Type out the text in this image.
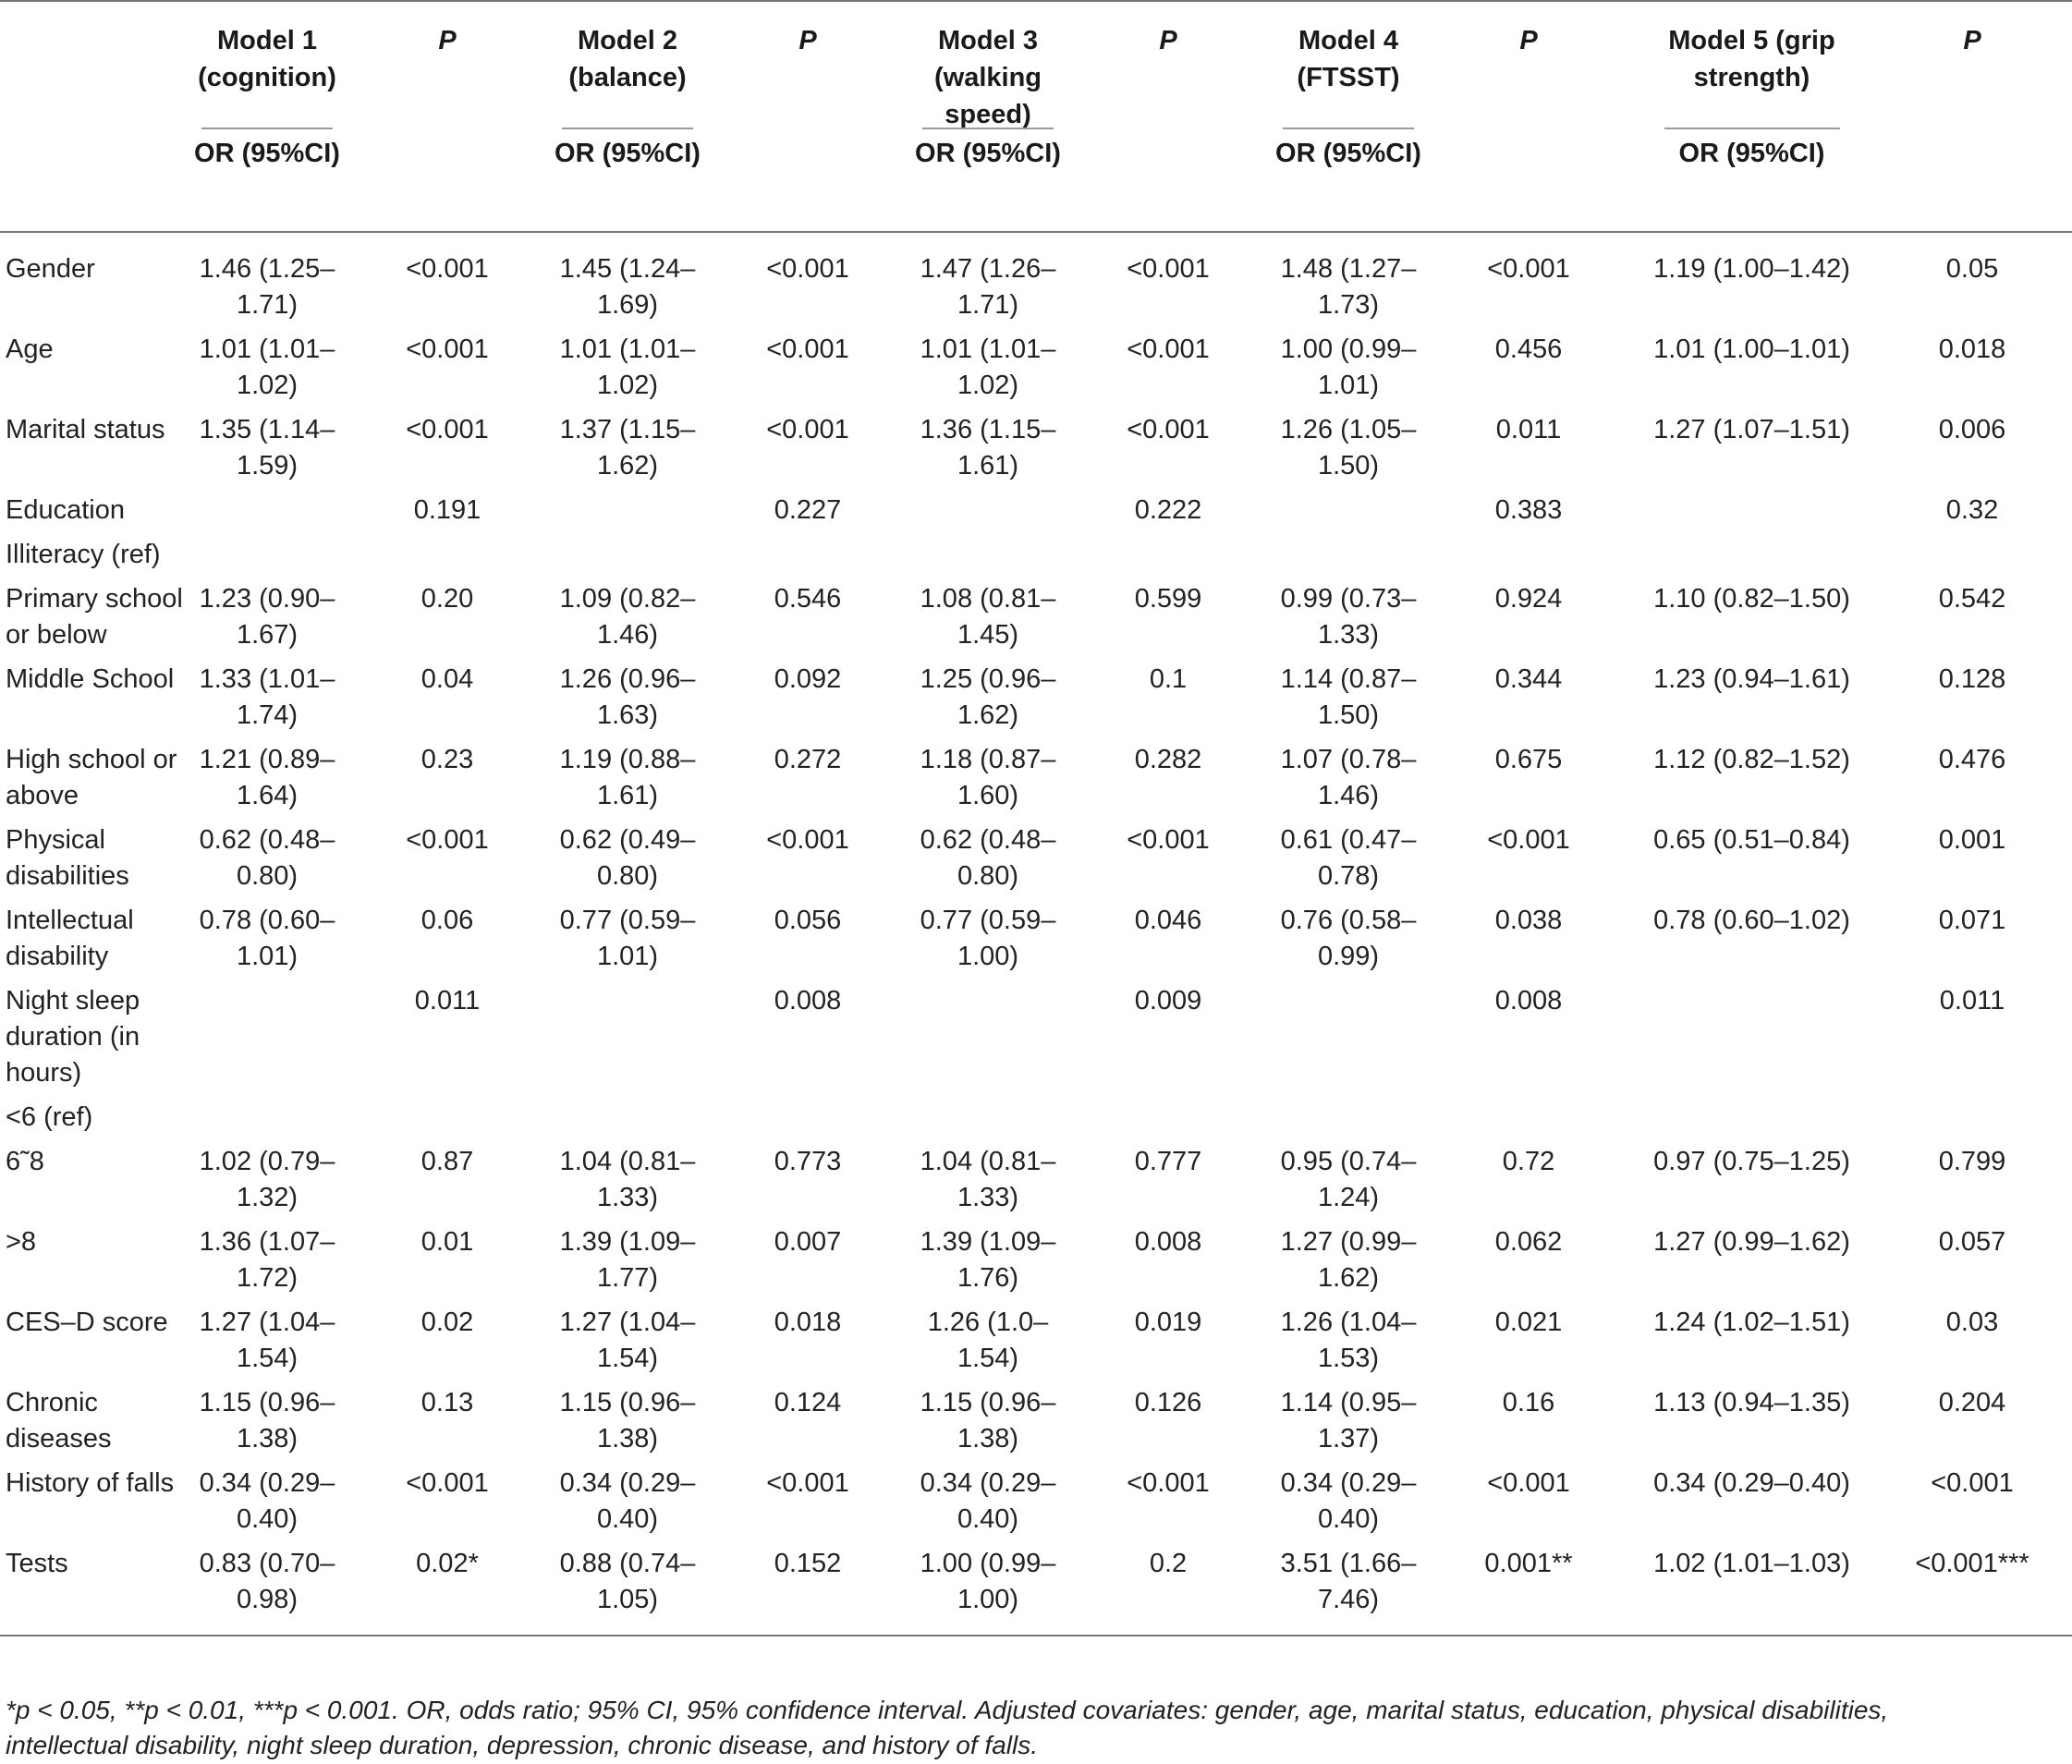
	Model 1 (cognition)	P	Model 2 (balance)	P	Model 3 (walking speed)	P	Model 4 (FTSST)	P	Model 5 (grip strength)	P

OR (95%CI)		OR (95%CI)		OR (95%CI)		OR (95%CI)		OR (95%CI)	
Gender	1.46 (1.25–1.71)	<0.001	1.45 (1.24–1.69)	<0.001	1.47 (1.26–1.71)	<0.001	1.48 (1.27–1.73)	<0.001	1.19 (1.00–1.42)	0.05
Age	1.01 (1.01–1.02)	<0.001	1.01 (1.01–1.02)	<0.001	1.01 (1.01–1.02)	<0.001	1.00 (0.99–1.01)	0.456	1.01 (1.00–1.01)	0.018
Marital status	1.35 (1.14–1.59)	<0.001	1.37 (1.15–1.62)	<0.001	1.36 (1.15–1.61)	<0.001	1.26 (1.05–1.50)	0.011	1.27 (1.07–1.51)	0.006
Education		0.191		0.227		0.222		0.383		0.32
Illiteracy (ref)										
Primary school or below	1.23 (0.90–1.67)	0.20	1.09 (0.82–1.46)	0.546	1.08 (0.81–1.45)	0.599	0.99 (0.73–1.33)	0.924	1.10 (0.82–1.50)	0.542
Middle School	1.33 (1.01–1.74)	0.04	1.26 (0.96–1.63)	0.092	1.25 (0.96–1.62)	0.1	1.14 (0.87–1.50)	0.344	1.23 (0.94–1.61)	0.128
High school or above	1.21 (0.89–1.64)	0.23	1.19 (0.88–1.61)	0.272	1.18 (0.87–1.60)	0.282	1.07 (0.78–1.46)	0.675	1.12 (0.82–1.52)	0.476
Physical disabilities	0.62 (0.48–0.80)	<0.001	0.62 (0.49–0.80)	<0.001	0.62 (0.48–0.80)	<0.001	0.61 (0.47–0.78)	<0.001	0.65 (0.51–0.84)	0.001
Intellectual disability	0.78 (0.60–1.01)	0.06	0.77 (0.59–1.01)	0.056	0.77 (0.59–1.00)	0.046	0.76 (0.58–0.99)	0.038	0.78 (0.60–1.02)	0.071
Night sleep duration (in hours)		0.011		0.008		0.009		0.008		0.011
<6 (ref)										
6˜8	1.02 (0.79–1.32)	0.87	1.04 (0.81–1.33)	0.773	1.04 (0.81–1.33)	0.777	0.95 (0.74–1.24)	0.72	0.97 (0.75–1.25)	0.799
>8	1.36 (1.07–1.72)	0.01	1.39 (1.09–1.77)	0.007	1.39 (1.09–1.76)	0.008	1.27 (0.99–1.62)	0.062	1.27 (0.99–1.62)	0.057
CES–D score	1.27 (1.04–1.54)	0.02	1.27 (1.04–1.54)	0.018	1.26 (1.0–1.54)	0.019	1.26 (1.04–1.53)	0.021	1.24 (1.02–1.51)	0.03
Chronic diseases	1.15 (0.96–1.38)	0.13	1.15 (0.96–1.38)	0.124	1.15 (0.96–1.38)	0.126	1.14 (0.95–1.37)	0.16	1.13 (0.94–1.35)	0.204
History of falls	0.34 (0.29–0.40)	<0.001	0.34 (0.29–0.40)	<0.001	0.34 (0.29–0.40)	<0.001	0.34 (0.29–0.40)	<0.001	0.34 (0.29–0.40)	<0.001
Tests	0.83 (0.70–0.98)	0.02*	0.88 (0.74–1.05)	0.152	1.00 (0.99–1.00)	0.2	3.51 (1.66–7.46)	0.001**	1.02 (1.01–1.03)	<0.001***
*p < 0.05, **p < 0.01, ***p < 0.001. OR, odds ratio; 95% CI, 95% confidence interval. Adjusted covariates: gender, age, marital status, education, physical disabilities, intellectual disability, night sleep duration, depression, chronic disease, and history of falls.
